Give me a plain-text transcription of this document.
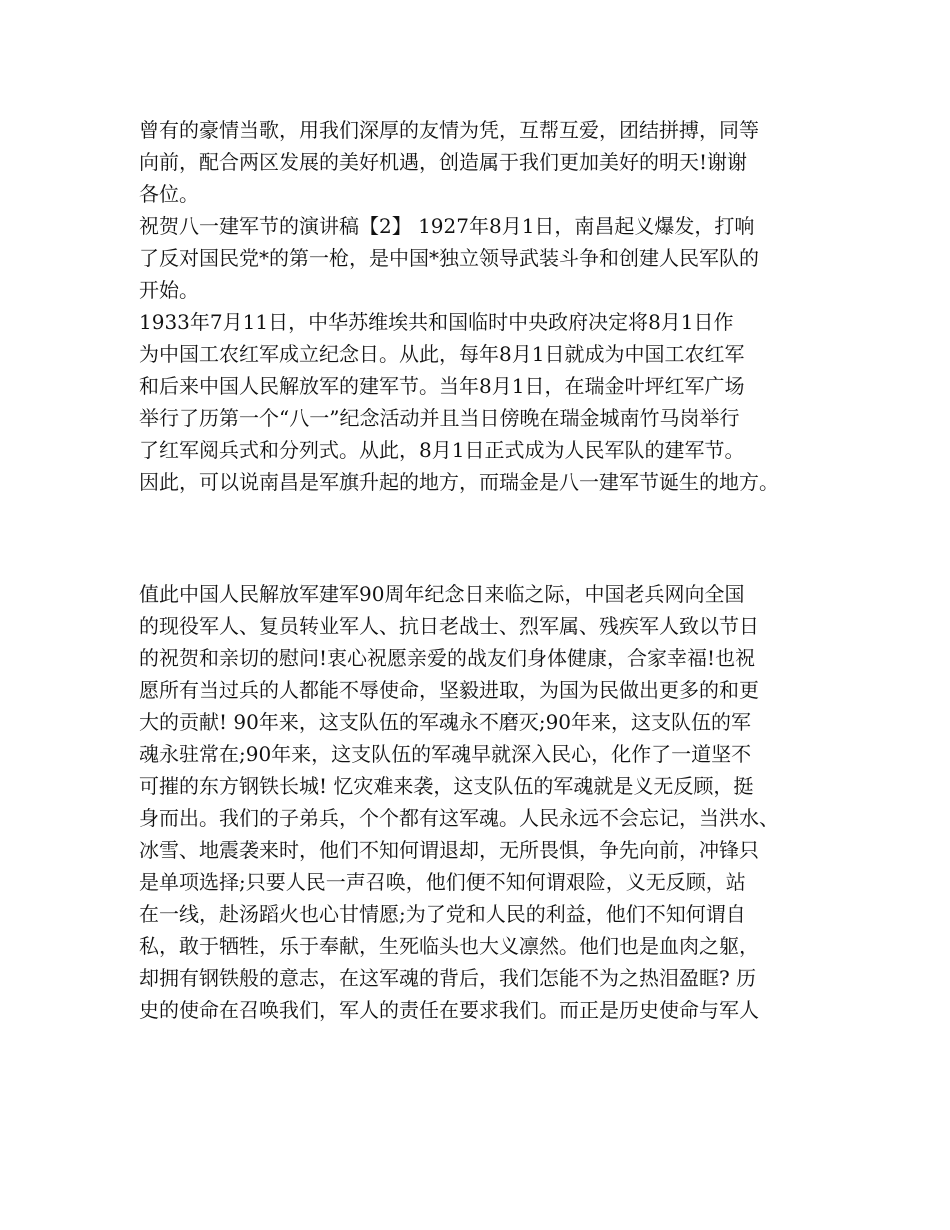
曾有的豪情当歌，用我们深厚的友情为凭，互帮互爱，团结拼搏，同等

向前，配合两区发展的美好机遇，创造属于我们更加美好的明天!谢谢

各位。

祝贺八一建军节的演讲稿【2】 1927年8月1日，南昌起义爆发，打响

了反对国民党*的第一枪，是中国*独立领导武装斗争和创建人民军队的

开始。

1933年7月11日，中华苏维埃共和国临时中央政府决定将8月1日作

为中国工农红军成立纪念日。从此，每年8月1日就成为中国工农红军

和后来中国人民解放军的建军节。当年8月1日，在瑞金叶坪红军广场

举行了历第一个“八一”纪念活动并且当日傍晚在瑞金城南竹马岗举行

了红军阅兵式和分列式。从此，8月1日正式成为人民军队的建军节。

因此，可以说南昌是军旗升起的地方，而瑞金是八一建军节诞生的地方。

值此中国人民解放军建军90周年纪念日来临之际，中国老兵网向全国

的现役军人、复员转业军人、抗日老战士、烈军属、残疾军人致以节日

的祝贺和亲切的慰问!衷心祝愿亲爱的战友们身体健康，合家幸福!也祝

愿所有当过兵的人都能不辱使命，坚毅进取，为国为民做出更多的和更

大的贡献! 90年来，这支队伍的军魂永不磨灭;90年来，这支队伍的军

魂永驻常在;90年来，这支队伍的军魂早就深入民心，化作了一道坚不

可摧的东方钢铁长城! 忆灾难来袭，这支队伍的军魂就是义无反顾，挺

身而出。我们的子弟兵，个个都有这军魂。人民永远不会忘记，当洪水、

冰雪、地震袭来时，他们不知何谓退却，无所畏惧，争先向前，冲锋只

是单项选择;只要人民一声召唤，他们便不知何谓艰险，义无反顾，站

在一线，赴汤蹈火也心甘情愿;为了党和人民的利益，他们不知何谓自

私，敢于牺牲，乐于奉献，生死临头也大义凛然。他们也是血肉之躯，

却拥有钢铁般的意志，在这军魂的背后，我们怎能不为之热泪盈眶? 历

史的使命在召唤我们，军人的责任在要求我们。而正是历史使命与军人
